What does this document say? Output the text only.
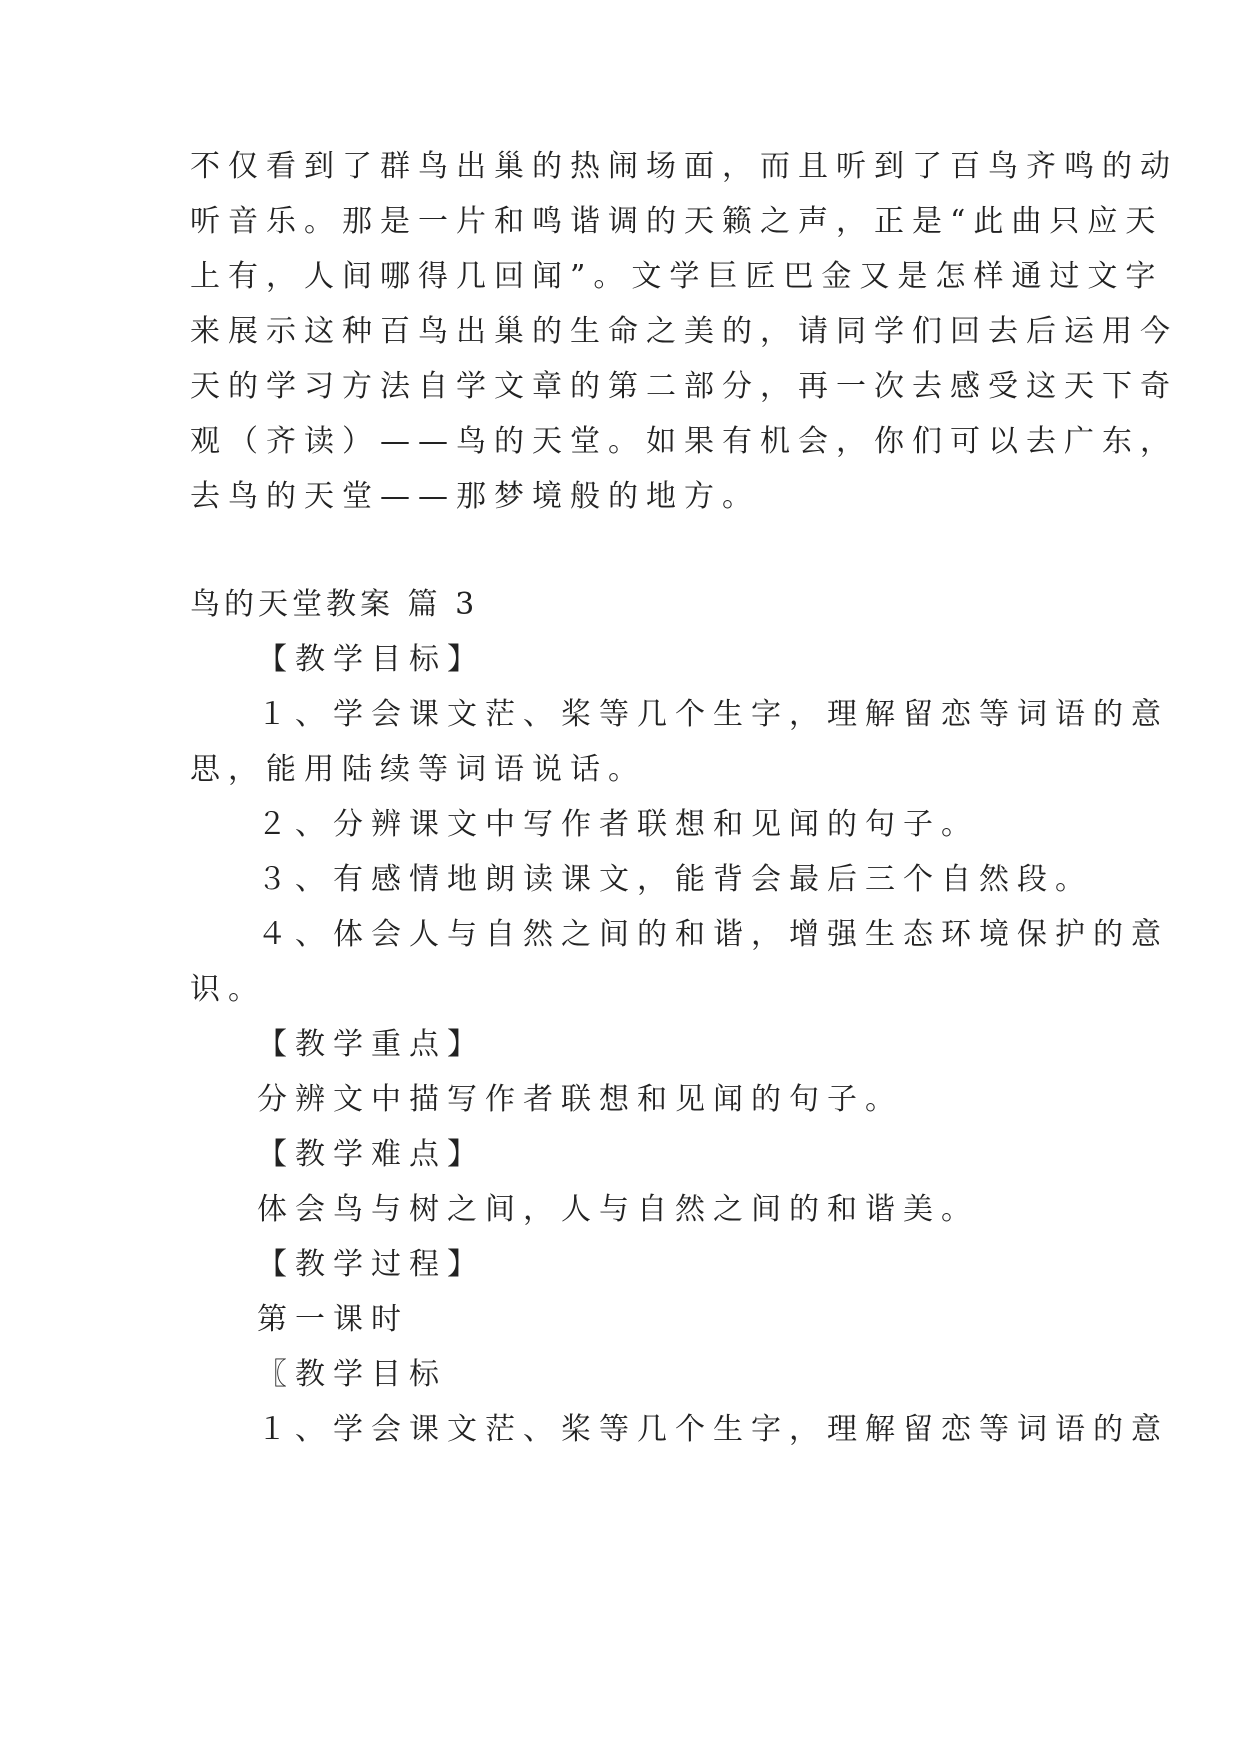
不仅看到了群鸟出巢的热闹场面，而且听到了百鸟齐鸣的动

听音乐。那是一片和鸣谐调的天籁之声，正是“此曲只应天

上有，人间哪得几回闻”。文学巨匠巴金又是怎样通过文字

来展示这种百鸟出巢的生命之美的，请同学们回去后运用今

天的学习方法自学文章的第二部分，再一次去感受这天下奇

观（齐读）——鸟的天堂。如果有机会，你们可以去广东，

去鸟的天堂——那梦境般的地方。

鸟的天堂教案 篇 3

【教学目标】

１、学会课文茫、桨等几个生字，理解留恋等词语的意

思，能用陆续等词语说话。

２、分辨课文中写作者联想和见闻的句子。

３、有感情地朗读课文，能背会最后三个自然段。

４、体会人与自然之间的和谐，增强生态环境保护的意

识。

【教学重点】

分辨文中描写作者联想和见闻的句子。

【教学难点】

体会鸟与树之间，人与自然之间的和谐美。

【教学过程】

第一课时

〖教学目标

１、学会课文茫、桨等几个生字，理解留恋等词语的意
